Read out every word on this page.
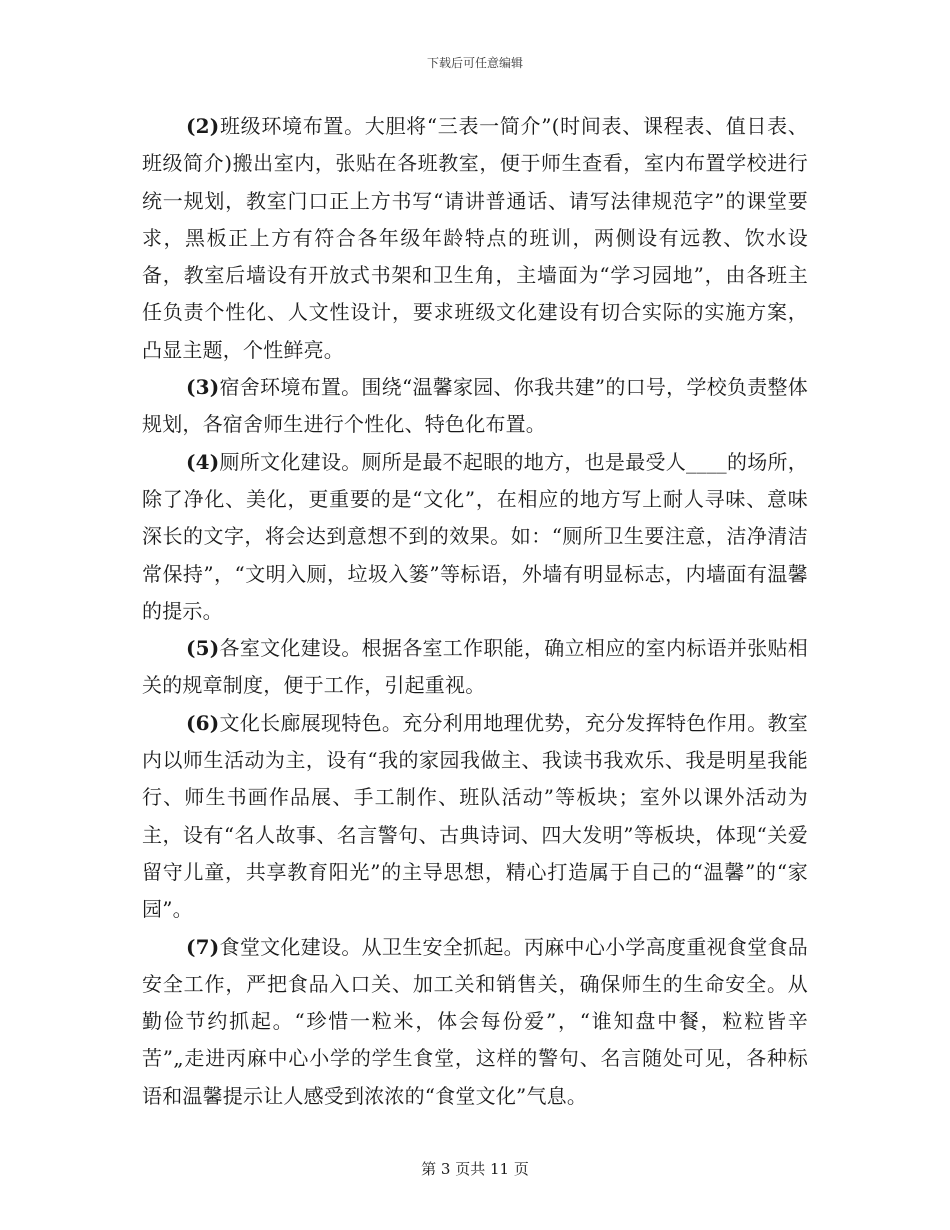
下载后可任意编辑

(2)班级环境布置。大胆将“三表一简介”(时间表、课程表、值日表、班级简介)搬出室内，张贴在各班教室，便于师生查看，室内布置学校进行统一规划，教室门口正上方书写“请讲普通话、请写法律规范字”的课堂要求，黑板正上方有符合各年级年龄特点的班训，两侧设有远教、饮水设备，教室后墙设有开放式书架和卫生角，主墙面为“学习园地”，由各班主任负责个性化、人文性设计，要求班级文化建设有切合实际的实施方案，凸显主题，个性鲜亮。

(3)宿舍环境布置。围绕“温馨家园、你我共建”的口号，学校负责整体规划，各宿舍师生进行个性化、特色化布置。

(4)厕所文化建设。厕所是最不起眼的地方，也是最受人____的场所，除了净化、美化，更重要的是“文化”，在相应的地方写上耐人寻味、意味深长的文字，将会达到意想不到的效果。如：“厕所卫生要注意，洁净清洁常保持”，“文明入厕，垃圾入篓”等标语，外墙有明显标志，内墙面有温馨的提示。

(5)各室文化建设。根据各室工作职能，确立相应的室内标语并张贴相关的规章制度，便于工作，引起重视。

(6)文化长廊展现特色。充分利用地理优势，充分发挥特色作用。教室内以师生活动为主，设有“我的家园我做主、我读书我欢乐、我是明星我能行、师生书画作品展、手工制作、班队活动”等板块；室外以课外活动为主，设有“名人故事、名言警句、古典诗词、四大发明”等板块，体现“关爱留守儿童，共享教育阳光”的主导思想，精心打造属于自己的“温馨”的“家园”。

(7)食堂文化建设。从卫生安全抓起。丙麻中心小学高度重视食堂食品安全工作，严把食品入口关、加工关和销售关，确保师生的生命安全。从勤俭节约抓起。“珍惜一粒米，体会每份爱”，“谁知盘中餐，粒粒皆辛苦”„走进丙麻中心小学的学生食堂，这样的警句、名言随处可见，各种标语和温馨提示让人感受到浓浓的“食堂文化”气息。

第 3 页共 11 页
